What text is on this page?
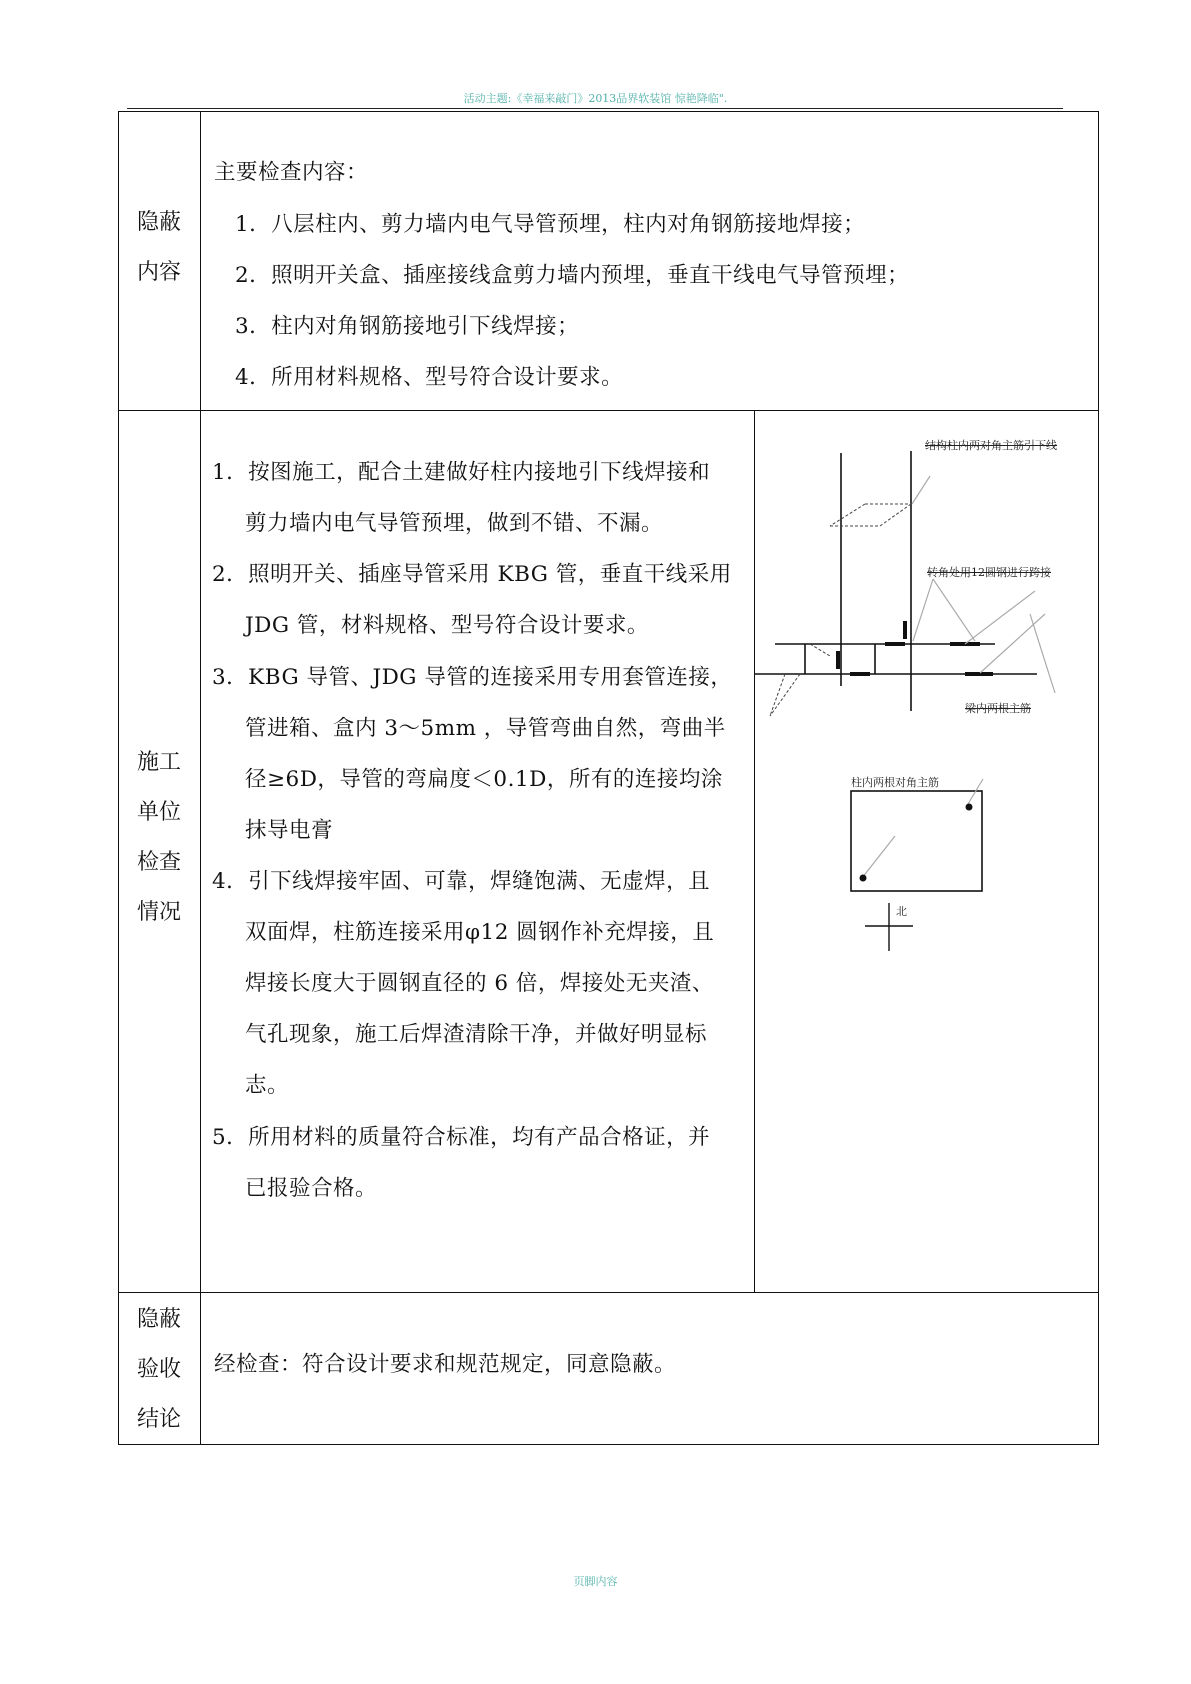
活动主题:《幸福来敲门》2013品界软装馆 惊艳降临".
隐蔽
内容
主要检查内容：
1．八层柱内、剪力墙内电气导管预埋，柱内对角钢筋接地焊接；
2．照明开关盒、插座接线盒剪力墙内预埋，垂直干线电气导管预埋；
3．柱内对角钢筋接地引下线焊接；
4．所用材料规格、型号符合设计要求。
施工
单位
检查
情况
1．按图施工，配合土建做好柱内接地引下线焊接和
剪力墙内电气导管预埋，做到不错、不漏。
2．照明开关、插座导管采用 KBG 管，垂直干线采用
JDG 管，材料规格、型号符合设计要求。
3．KBG 导管、JDG 导管的连接采用专用套管连接，
管进箱、盒内 3～5mm ，导管弯曲自然，弯曲半
径≥6D，导管的弯扁度＜0.1D，所有的连接均涂
抹导电膏
4．引下线焊接牢固、可靠，焊缝饱满、无虚焊，且
双面焊，柱筋连接采用φ12 圆钢作补充焊接，且
焊接长度大于圆钢直径的 6 倍，焊接处无夹渣、
气孔现象，施工后焊渣清除干净，并做好明显标
志。
5．所用材料的质量符合标准，均有产品合格证，并
已报验合格。
结构柱内两对角主筋引下线
转角处用12圆钢进行跨接
梁内两根主筋
柱内两根对角主筋
北
隐蔽
验收
结论
经检查：符合设计要求和规范规定，同意隐蔽。
页脚内容
